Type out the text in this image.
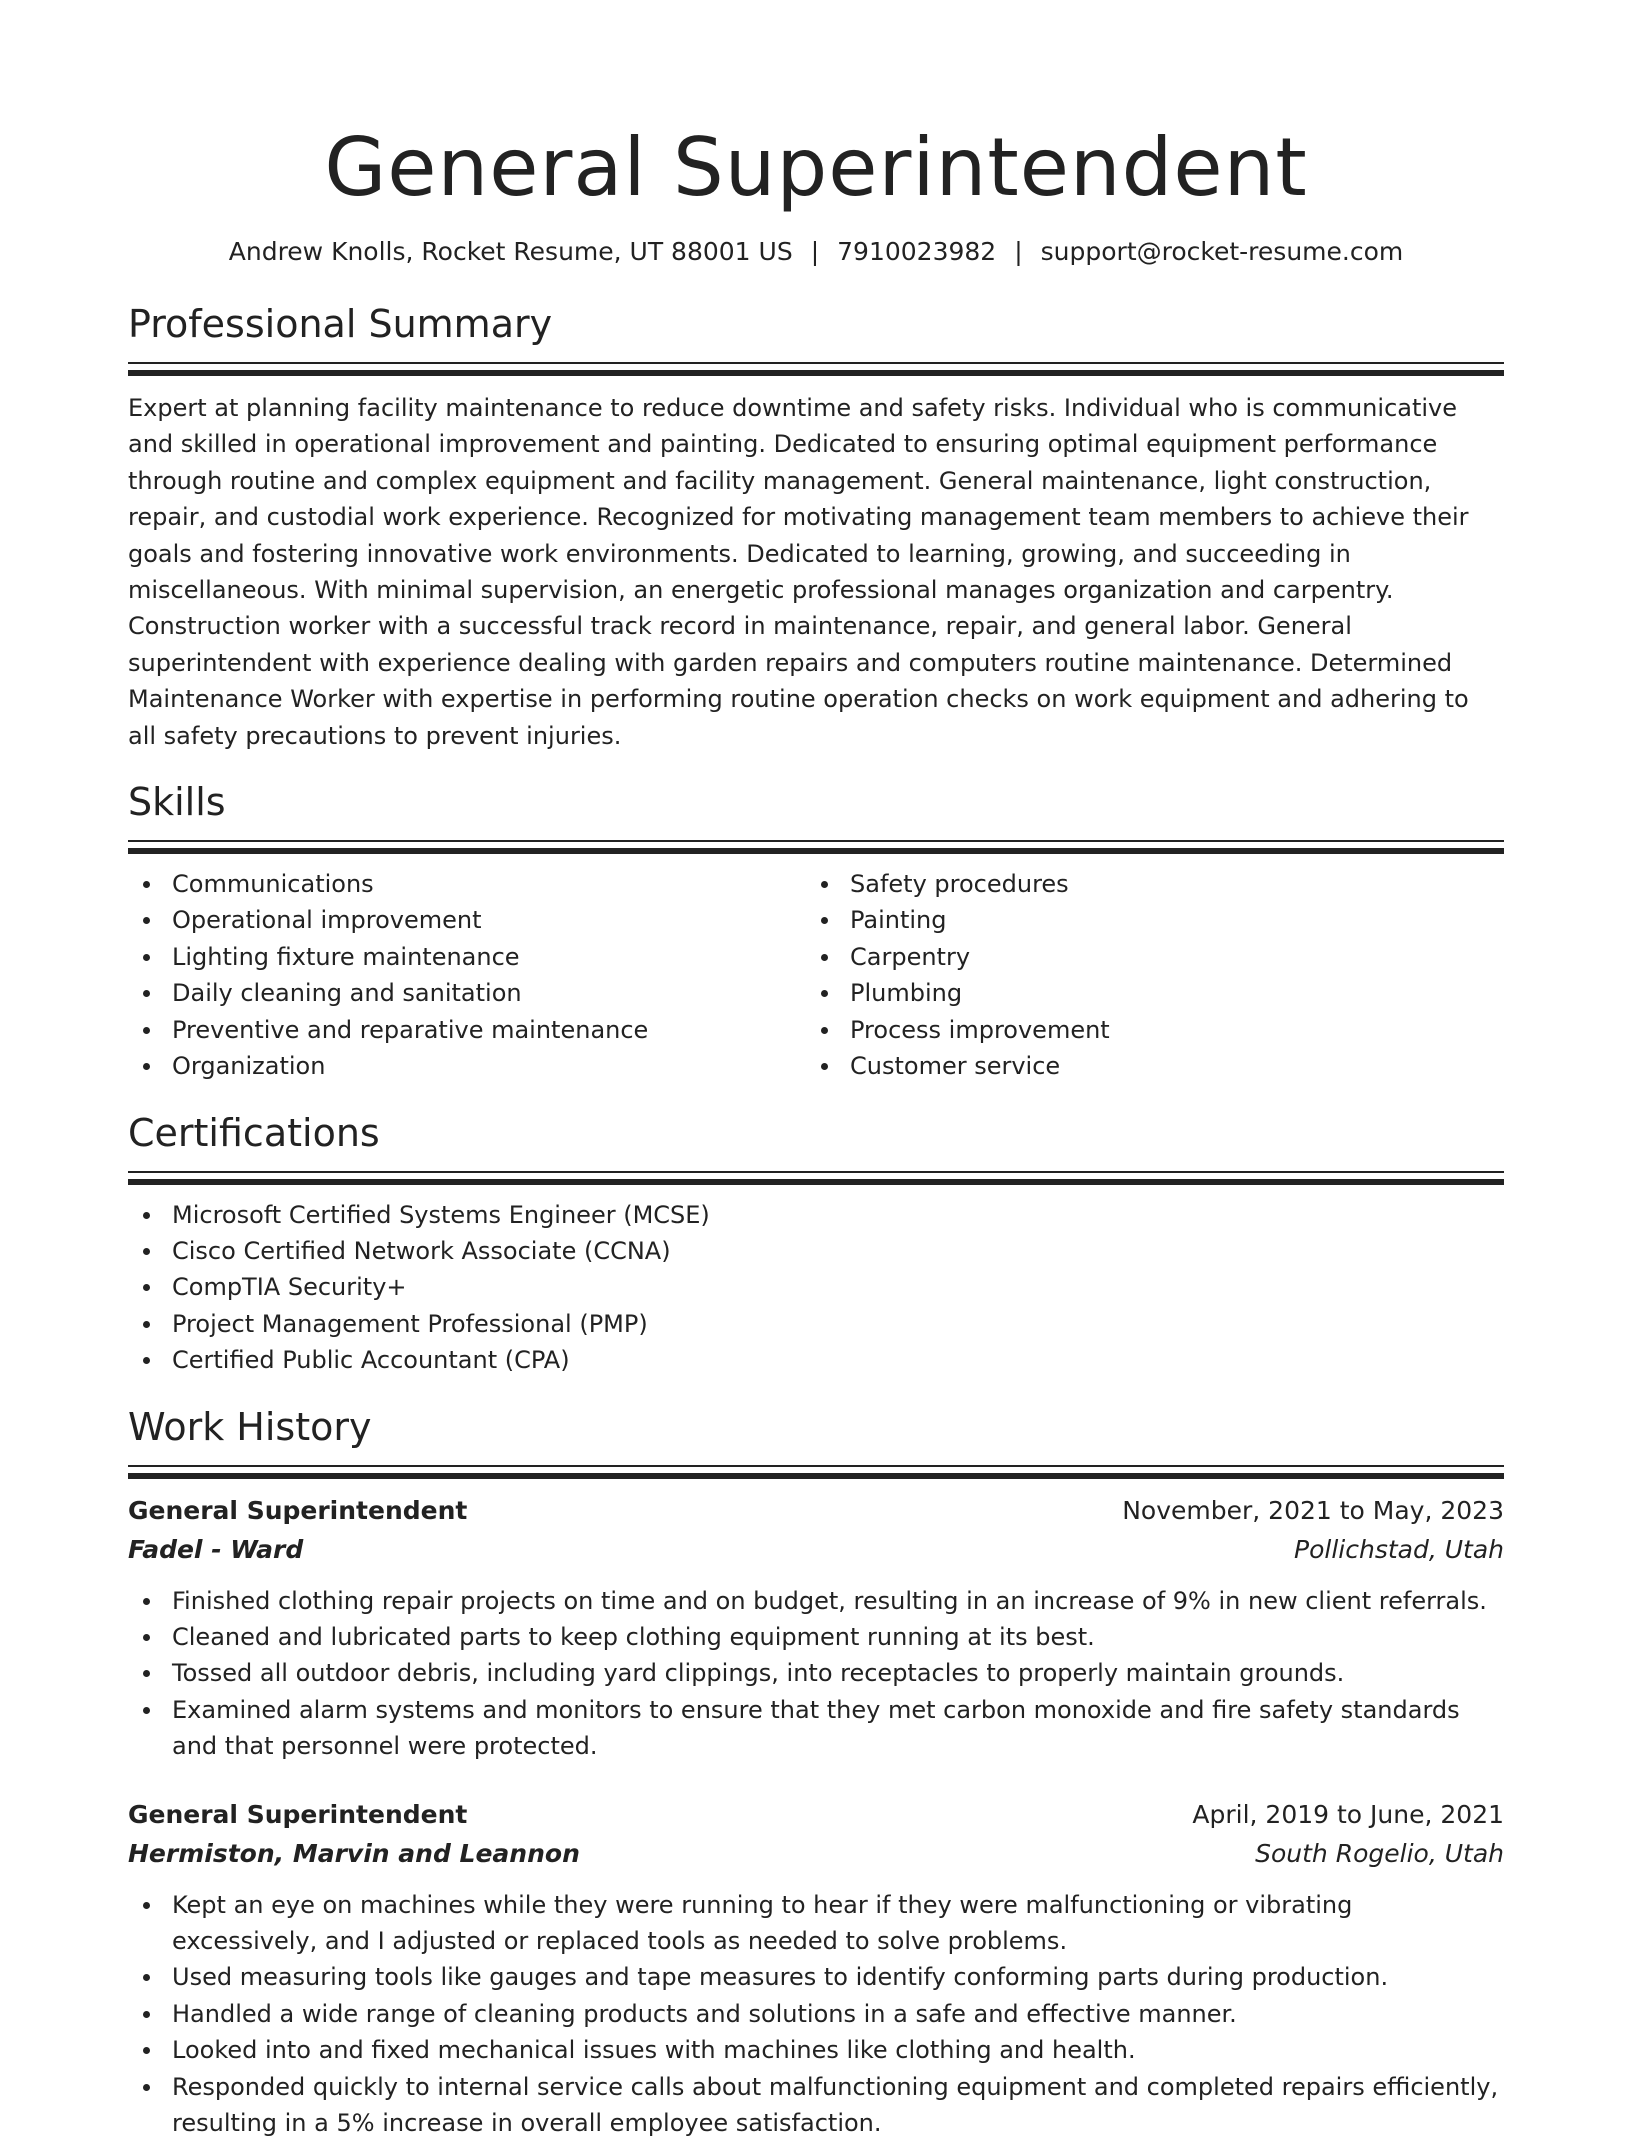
General Superintendent
Andrew Knolls, Rocket Resume, UT 88001 US | 7910023982 | support@rocket-resume.com
Professional Summary

Expert at planning facility maintenance to reduce downtime and safety risks. Individual who is communicative and skilled in operational improvement and painting. Dedicated to ensuring optimal equipment performance through routine and complex equipment and facility management. General maintenance, light construction, repair, and custodial work experience. Recognized for motivating management team members to achieve their goals and fostering innovative work environments. Dedicated to learning, growing, and succeeding in miscellaneous. With minimal supervision, an energetic professional manages organization and carpentry. Construction worker with a successful track record in maintenance, repair, and general labor. General superintendent with experience dealing with garden repairs and computers routine maintenance. Determined Maintenance Worker with expertise in performing routine operation checks on work equipment and adhering to all safety precautions to prevent injuries.

Skills
Communications
Operational improvement
Lighting fixture maintenance
Daily cleaning and sanitation
Preventive and reparative maintenance
Organization
Safety procedures
Painting
Carpentry
Plumbing
Process improvement
Customer service
Certifications
Microsoft Certified Systems Engineer (MCSE)
Cisco Certified Network Associate (CCNA)
CompTIA Security+
Project Management Professional (PMP)
Certified Public Accountant (CPA)
Work History
General Superintendent	November, 2021 to May, 2023
Fadel - Ward	Pollichstad, Utah
Finished clothing repair projects on time and on budget, resulting in an increase of 9% in new client referrals.
Cleaned and lubricated parts to keep clothing equipment running at its best.
Tossed all outdoor debris, including yard clippings, into receptacles to properly maintain grounds.
Examined alarm systems and monitors to ensure that they met carbon monoxide and fire safety standards and that personnel were protected.
General Superintendent	April, 2019 to June, 2021
Hermiston, Marvin and Leannon	South Rogelio, Utah
Kept an eye on machines while they were running to hear if they were malfunctioning or vibrating excessively, and I adjusted or replaced tools as needed to solve problems.
Used measuring tools like gauges and tape measures to identify conforming parts during production.
Handled a wide range of cleaning products and solutions in a safe and effective manner.
Looked into and fixed mechanical issues with machines like clothing and health.
Responded quickly to internal service calls about malfunctioning equipment and completed repairs efficiently, resulting in a 5% increase in overall employee satisfaction.
